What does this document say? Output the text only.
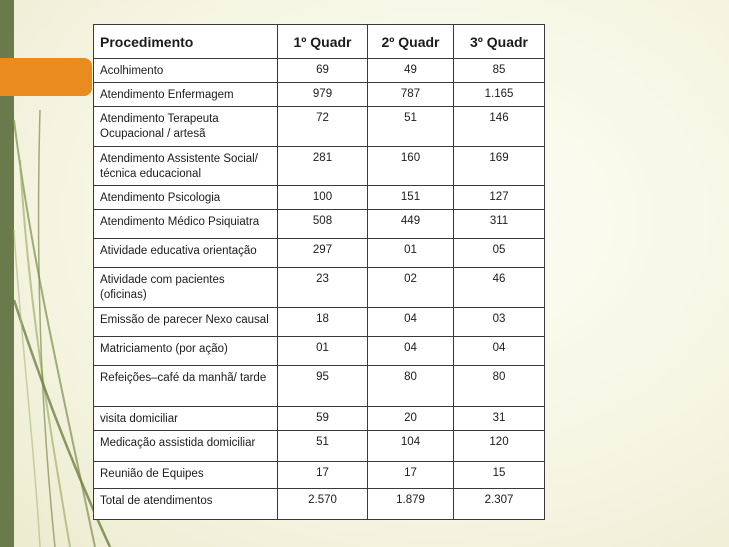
Procedimento	1º Quadr	2º Quadr	3º Quadr
Acolhimento	69	49	85
Atendimento Enfermagem	979	787	1.165
Atendimento Terapeuta Ocupacional / artesã	72	51	146
Atendimento Assistente Social/ técnica educacional	281	160	169
Atendimento Psicologia	100	151	127
Atendimento Médico Psiquiatra	508	449	311
Atividade educativa orientação	297	01	05
Atividade com pacientes (oficinas)	23	02	46
Emissão de parecer Nexo causal	18	04	03
Matriciamento (por ação)	01	04	04
Refeições–café da manhã/ tarde	95	80	80
visita domiciliar	59	20	31
Medicação assistida domiciliar	51	104	120
Reunião de Equipes	17	17	15
Total de atendimentos	2.570	1.879	2.307
